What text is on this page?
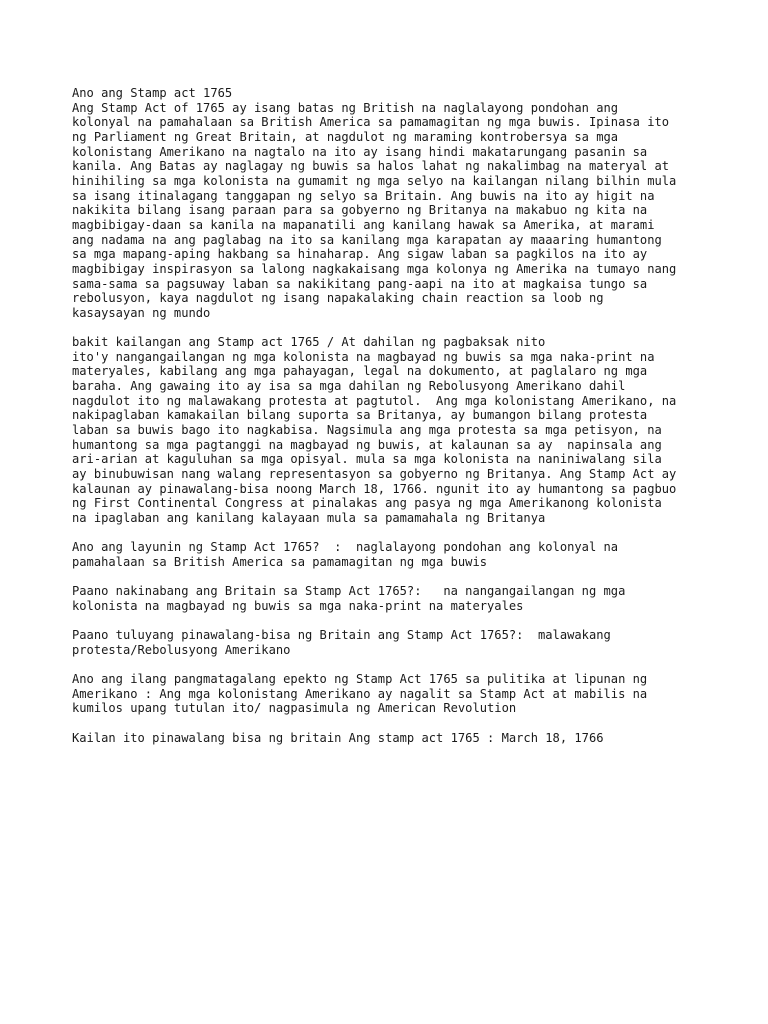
Ano ang Stamp act 1765
Ang Stamp Act of 1765 ay isang batas ng British na naglalayong pondohan ang
kolonyal na pamahalaan sa British America sa pamamagitan ng mga buwis. Ipinasa ito
ng Parliament ng Great Britain, at nagdulot ng maraming kontrobersya sa mga
kolonistang Amerikano na nagtalo na ito ay isang hindi makatarungang pasanin sa
kanila. Ang Batas ay naglagay ng buwis sa halos lahat ng nakalimbag na materyal at
hinihiling sa mga kolonista na gumamit ng mga selyo na kailangan nilang bilhin mula
sa isang itinalagang tanggapan ng selyo sa Britain. Ang buwis na ito ay higit na
nakikita bilang isang paraan para sa gobyerno ng Britanya na makabuo ng kita na
magbibigay-daan sa kanila na mapanatili ang kanilang hawak sa Amerika, at marami
ang nadama na ang paglabag na ito sa kanilang mga karapatan ay maaaring humantong
sa mga mapang-aping hakbang sa hinaharap. Ang sigaw laban sa pagkilos na ito ay
magbibigay inspirasyon sa lalong nagkakaisang mga kolonya ng Amerika na tumayo nang
sama-sama sa pagsuway laban sa nakikitang pang-aapi na ito at magkaisa tungo sa
rebolusyon, kaya nagdulot ng isang napakalaking chain reaction sa loob ng
kasaysayan ng mundo
bakit kailangan ang Stamp act 1765 / At dahilan ng pagbaksak nito
ito'y nangangailangan ng mga kolonista na magbayad ng buwis sa mga naka-print na
materyales, kabilang ang mga pahayagan, legal na dokumento, at paglalaro ng mga
baraha. Ang gawaing ito ay isa sa mga dahilan ng Rebolusyong Amerikano dahil
nagdulot ito ng malawakang protesta at pagtutol.  Ang mga kolonistang Amerikano, na
nakipaglaban kamakailan bilang suporta sa Britanya, ay bumangon bilang protesta
laban sa buwis bago ito nagkabisa. Nagsimula ang mga protesta sa mga petisyon, na
humantong sa mga pagtanggi na magbayad ng buwis, at kalaunan sa ay  napinsala ang
ari-arian at kaguluhan sa mga opisyal. mula sa mga kolonista na naniniwalang sila
ay binubuwisan nang walang representasyon sa gobyerno ng Britanya. Ang Stamp Act ay
kalaunan ay pinawalang-bisa noong March 18, 1766. ngunit ito ay humantong sa pagbuo
ng First Continental Congress at pinalakas ang pasya ng mga Amerikanong kolonista
na ipaglaban ang kanilang kalayaan mula sa pamamahala ng Britanya
Ano ang layunin ng Stamp Act 1765?  :  naglalayong pondohan ang kolonyal na
pamahalaan sa British America sa pamamagitan ng mga buwis
Paano nakinabang ang Britain sa Stamp Act 1765?:   na nangangailangan ng mga
kolonista na magbayad ng buwis sa mga naka-print na materyales
Paano tuluyang pinawalang-bisa ng Britain ang Stamp Act 1765?:  malawakang
protesta/Rebolusyong Amerikano
Ano ang ilang pangmatagalang epekto ng Stamp Act 1765 sa pulitika at lipunan ng
Amerikano : Ang mga kolonistang Amerikano ay nagalit sa Stamp Act at mabilis na
kumilos upang tutulan ito/ nagpasimula ng American Revolution
Kailan ito pinawalang bisa ng britain Ang stamp act 1765 : March 18, 1766
